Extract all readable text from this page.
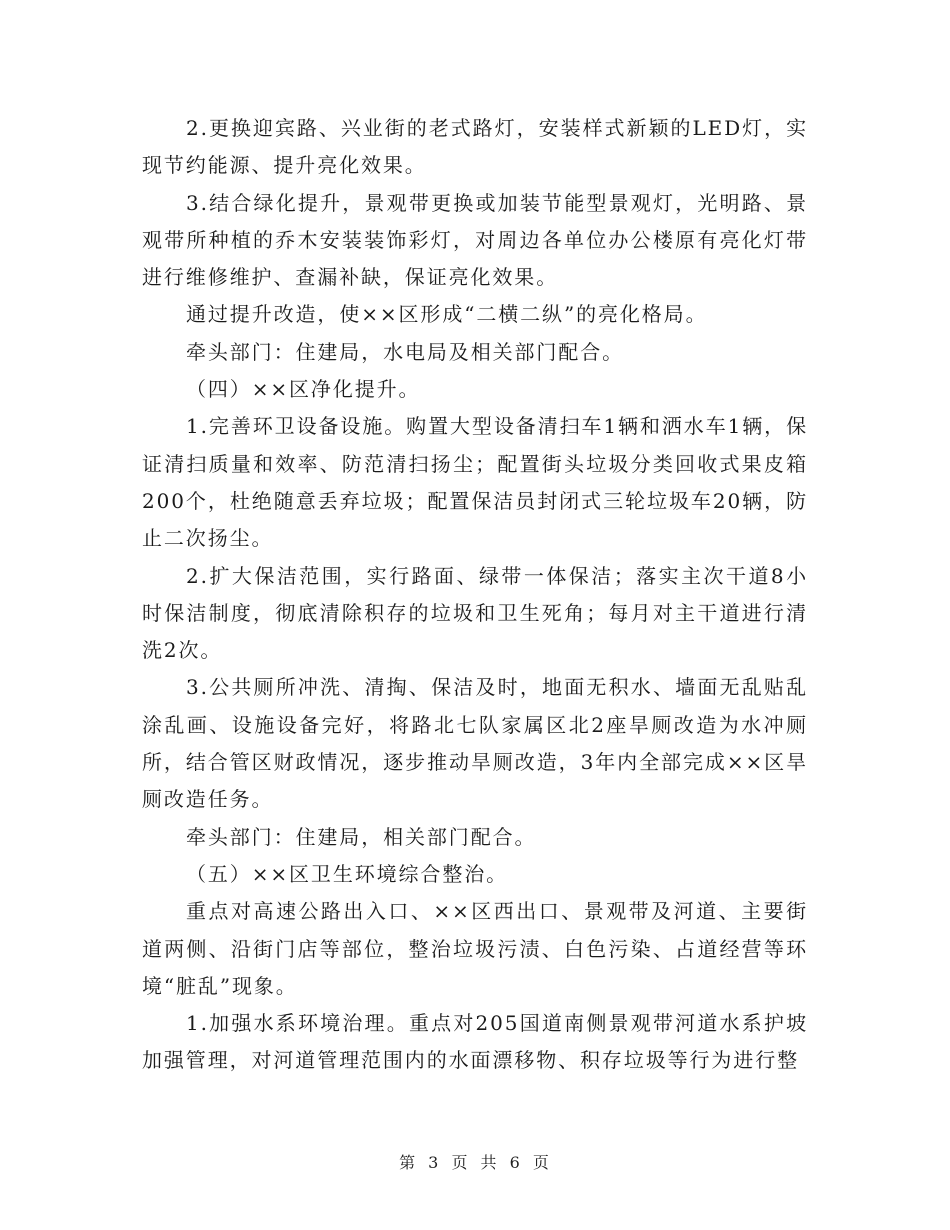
2.更换迎宾路、兴业街的老式路灯，安装样式新颖的LED灯，实现节约能源、提升亮化效果。

3.结合绿化提升，景观带更换或加装节能型景观灯，光明路、景观带所种植的乔木安装装饰彩灯，对周边各单位办公楼原有亮化灯带进行维修维护、查漏补缺，保证亮化效果。

通过提升改造，使××区形成“二横二纵”的亮化格局。

牵头部门：住建局，水电局及相关部门配合。

（四）××区净化提升。

1.完善环卫设备设施。购置大型设备清扫车1辆和洒水车1辆，保证清扫质量和效率、防范清扫扬尘；配置街头垃圾分类回收式果皮箱200个，杜绝随意丢弃垃圾；配置保洁员封闭式三轮垃圾车20辆，防止二次扬尘。

2.扩大保洁范围，实行路面、绿带一体保洁；落实主次干道8小时保洁制度，彻底清除积存的垃圾和卫生死角；每月对主干道进行清洗2次。

3.公共厕所冲洗、清掏、保洁及时，地面无积水、墙面无乱贴乱涂乱画、设施设备完好，将路北七队家属区北2座旱厕改造为水冲厕所，结合管区财政情况，逐步推动旱厕改造，3年内全部完成××区旱厕改造任务。

牵头部门：住建局，相关部门配合。

（五）××区卫生环境综合整治。

重点对高速公路出入口、××区西出口、景观带及河道、主要街道两侧、沿街门店等部位，整治垃圾污渍、白色污染、占道经营等环境“脏乱”现象。

1.加强水系环境治理。重点对205国道南侧景观带河道水系护坡加强管理，对河道管理范围内的水面漂移物、积存垃圾等行为进行整

第 3 页 共 6 页
